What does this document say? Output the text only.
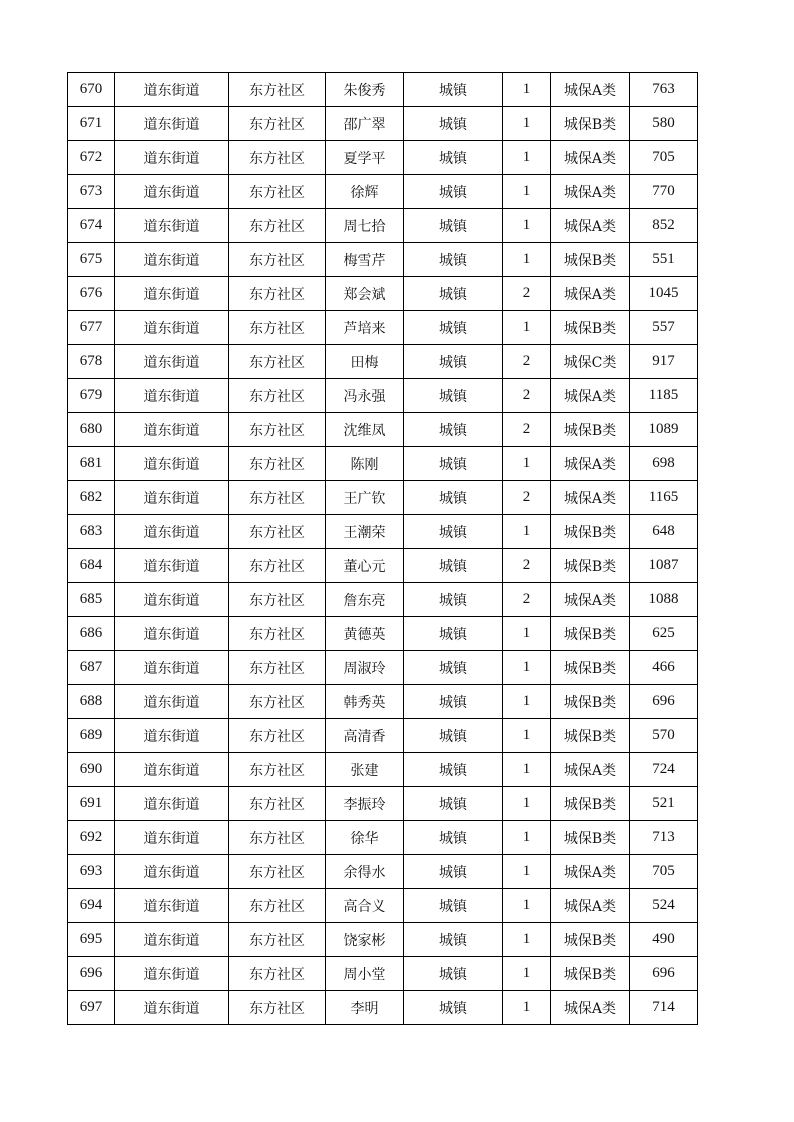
670	道东街道	东方社区	朱俊秀	城镇	1	城保A类	763
671	道东街道	东方社区	邵广翠	城镇	1	城保B类	580
672	道东街道	东方社区	夏学平	城镇	1	城保A类	705
673	道东街道	东方社区	徐辉	城镇	1	城保A类	770
674	道东街道	东方社区	周七拾	城镇	1	城保A类	852
675	道东街道	东方社区	梅雪芹	城镇	1	城保B类	551
676	道东街道	东方社区	郑会斌	城镇	2	城保A类	1045
677	道东街道	东方社区	芦培来	城镇	1	城保B类	557
678	道东街道	东方社区	田梅	城镇	2	城保C类	917
679	道东街道	东方社区	冯永强	城镇	2	城保A类	1185
680	道东街道	东方社区	沈维凤	城镇	2	城保B类	1089
681	道东街道	东方社区	陈刚	城镇	1	城保A类	698
682	道东街道	东方社区	王广钦	城镇	2	城保A类	1165
683	道东街道	东方社区	王潮荣	城镇	1	城保B类	648
684	道东街道	东方社区	董心元	城镇	2	城保B类	1087
685	道东街道	东方社区	詹东亮	城镇	2	城保A类	1088
686	道东街道	东方社区	黄德英	城镇	1	城保B类	625
687	道东街道	东方社区	周淑玲	城镇	1	城保B类	466
688	道东街道	东方社区	韩秀英	城镇	1	城保B类	696
689	道东街道	东方社区	高清香	城镇	1	城保B类	570
690	道东街道	东方社区	张建	城镇	1	城保A类	724
691	道东街道	东方社区	李振玲	城镇	1	城保B类	521
692	道东街道	东方社区	徐华	城镇	1	城保B类	713
693	道东街道	东方社区	余得水	城镇	1	城保A类	705
694	道东街道	东方社区	高合义	城镇	1	城保A类	524
695	道东街道	东方社区	饶家彬	城镇	1	城保B类	490
696	道东街道	东方社区	周小堂	城镇	1	城保B类	696
697	道东街道	东方社区	李明	城镇	1	城保A类	714
